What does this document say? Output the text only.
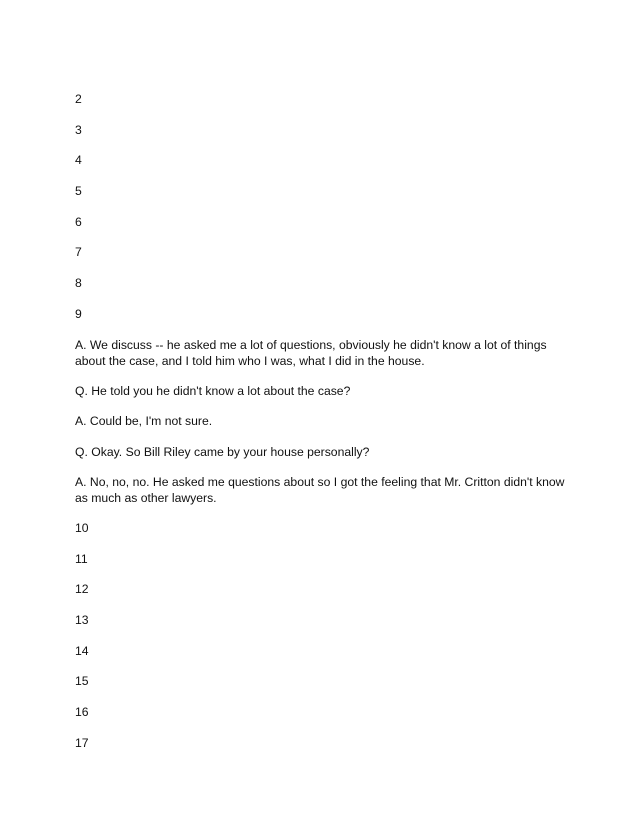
2
3
4
5
6
7
8
9

A. We discuss -- he asked me a lot of questions, obviously he didn't know a lot of things about the case, and I told him who I was, what I did in the house.

Q. He told you he didn't know a lot about the case?

A. Could be, I'm not sure.

Q. Okay. So Bill Riley came by your house personally?

A. No, no, no. He asked me questions about so I got the feeling that Mr. Critton didn't know as much as other lawyers.

10
11
12
13
14
15
16
17
